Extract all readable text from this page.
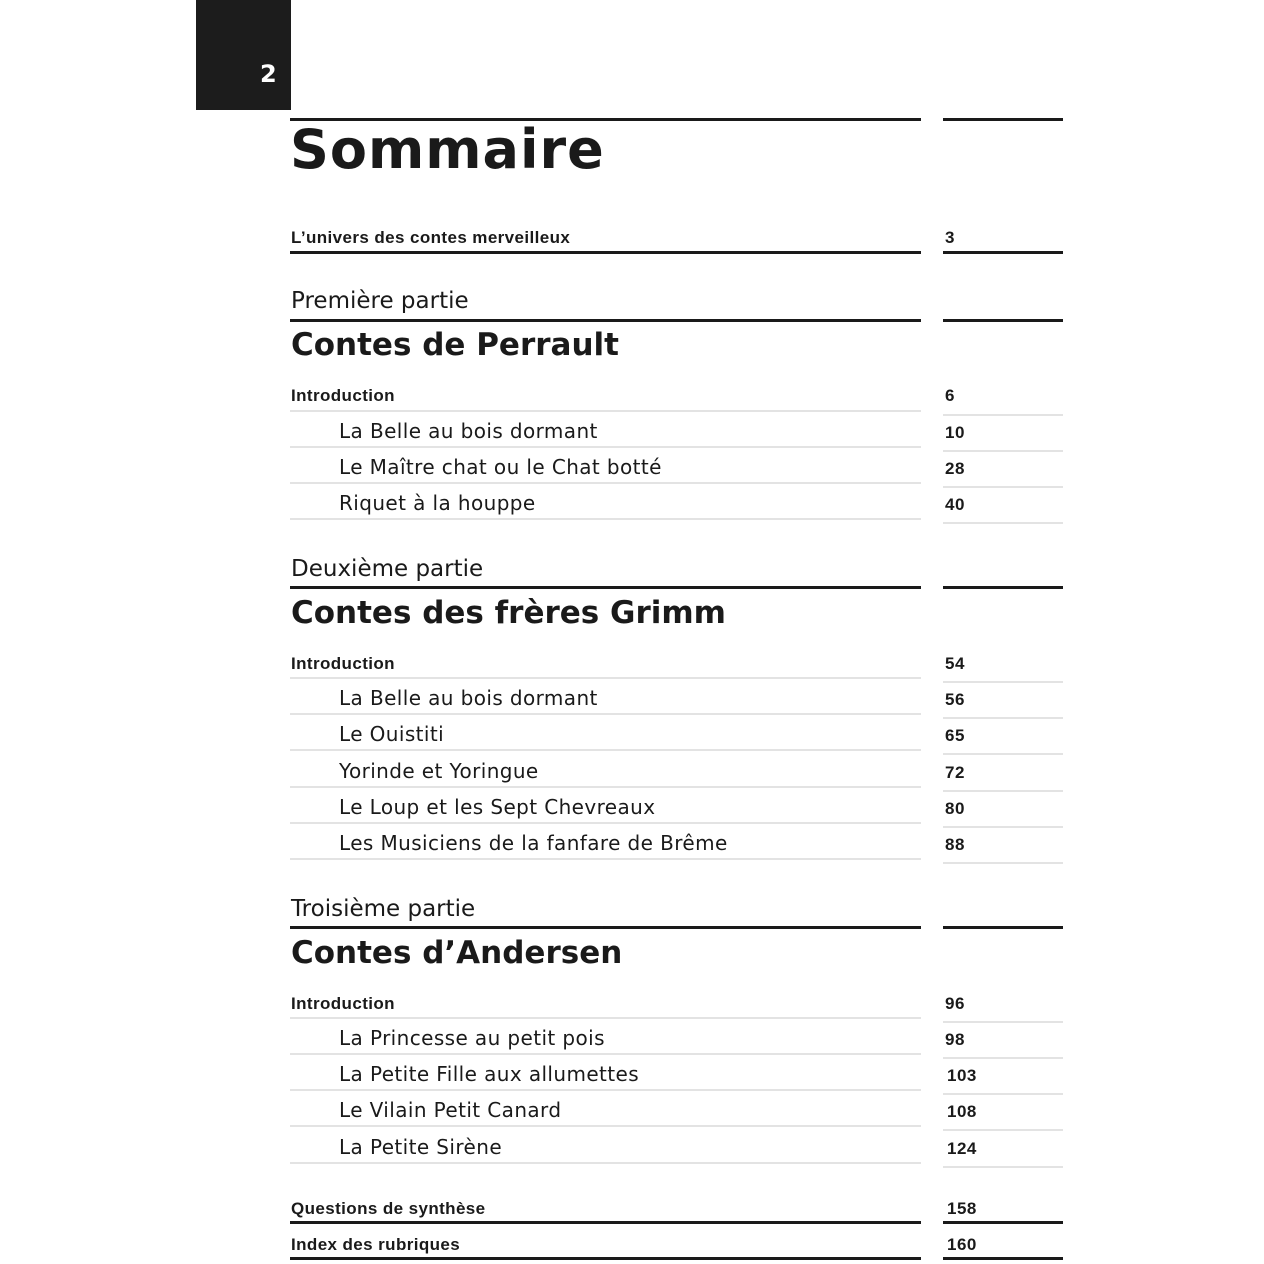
2
Sommaire
L’univers des contes merveilleux	3
Première partie
Contes de Perrault
Introduction	6
La Belle au bois dormant	10
Le Maître chat ou le Chat botté	28
Riquet à la houppe	40
Deuxième partie
Contes des frères Grimm
Introduction	54
La Belle au bois dormant	56
Le Ouistiti	65
Yorinde et Yoringue	72
Le Loup et les Sept Chevreaux	80
Les Musiciens de la fanfare de Brême	88
Troisième partie
Contes d’Andersen
Introduction	96
La Princesse au petit pois	98
La Petite Fille aux allumettes	103
Le Vilain Petit Canard	108
La Petite Sirène	124
Questions de synthèse	158
Index des rubriques	160
